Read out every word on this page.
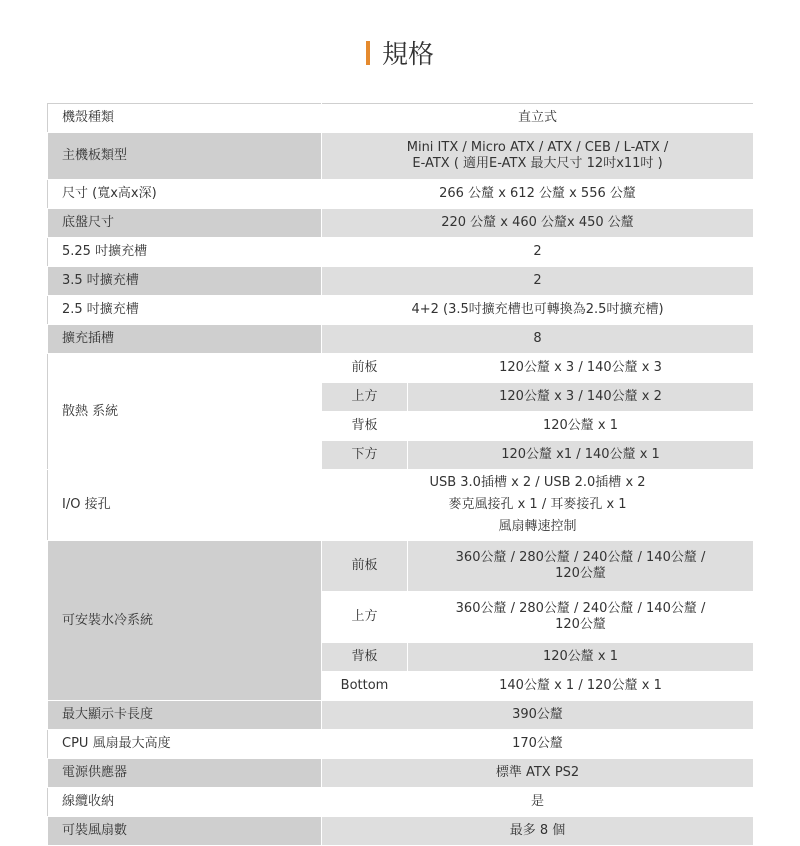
規格
機殼種類	直立式	
主機板類型	Mini ITX / Micro ATX / ATX / CEB / L-ATX /
E-ATX ( 適用E-ATX 最大尺寸 12吋x11吋 )	

尺寸 (寬x高x深)	266 公釐 x 612 公釐 x 556 公釐	
底盤尺寸	220 公釐 x 460 公釐x 450 公釐	
5.25 吋擴充槽	2	
3.5 吋擴充槽	2	
2.5 吋擴充槽	4+2 (3.5吋擴充槽也可轉換為2.5吋擴充槽)	
擴充插槽	8	
散熱 系統	前板	120公釐 x 3 / 140公釐 x 3
	上方	120公釐 x 3 / 140公釐 x 2
	背板	120公釐 x 1
	下方	120公釐 x1 / 140公釐 x 1
I/O 接孔	USB 3.0插槽 x 2 / USB 2.0插槽 x 2
麥克風接孔 x 1 / 耳麥接孔 x 1
風扇轉速控制	

可安裝水冷系統	前板	360公釐 / 280公釐 / 240公釐 / 140公釐 /
120公釐

	上方	360公釐 / 280公釐 / 240公釐 / 140公釐 /
120公釐

	背板	120公釐 x 1
	Bottom	140公釐 x 1 / 120公釐 x 1
最大顯示卡長度	390公釐	
CPU 風扇最大高度	170公釐	
電源供應器	標準 ATX PS2	
線纜收納	是	
可裝風扇數	最多 8 個	
